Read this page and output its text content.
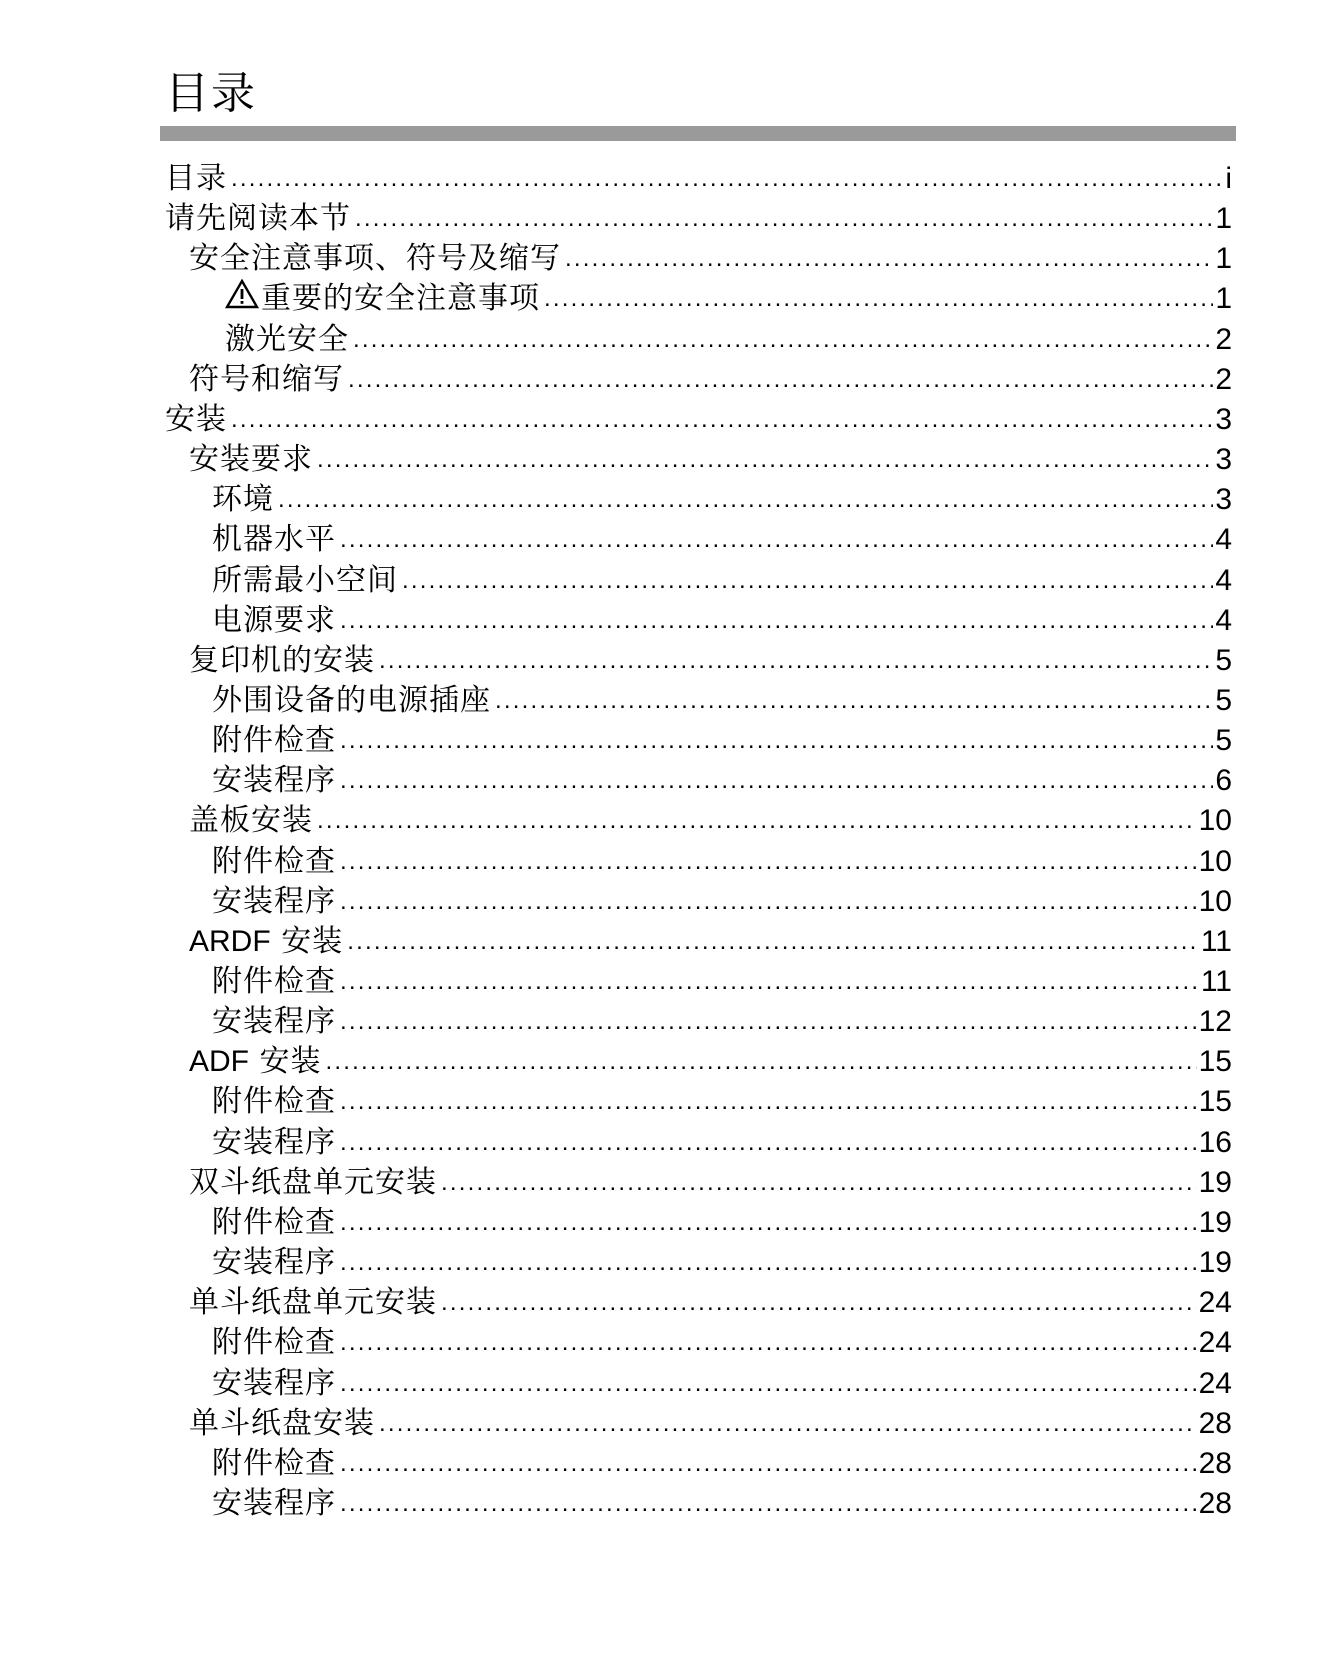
目录
目录 .....	i
请先阅读本节 .....	1
安全注意事项、符号及缩写 .....	1
重要的安全注意事项 .....	1
激光安全 .....	2
符号和缩写 .....	2
安装 .....	3
安装要求 .....	3
环境 .....	3
机器水平 .....	4
所需最小空间 .....	4
电源要求 .....	4
复印机的安装 .....	5
外围设备的电源插座 .....	5
附件检查 .....	5
安装程序 .....	6
盖板安装 .....	10
附件检查 .....	10
安装程序 .....	10
ARDF 安装 .....	11
附件检查 .....	11
安装程序 .....	12
ADF 安装 .....	15
附件检查 .....	15
安装程序 .....	16
双斗纸盘单元安装 .....	19
附件检查 .....	19
安装程序 .....	19
单斗纸盘单元安装 .....	24
附件检查 .....	24
安装程序 .....	24
单斗纸盘安装 .....	28
附件检查 .....	28
安装程序 .....	28
